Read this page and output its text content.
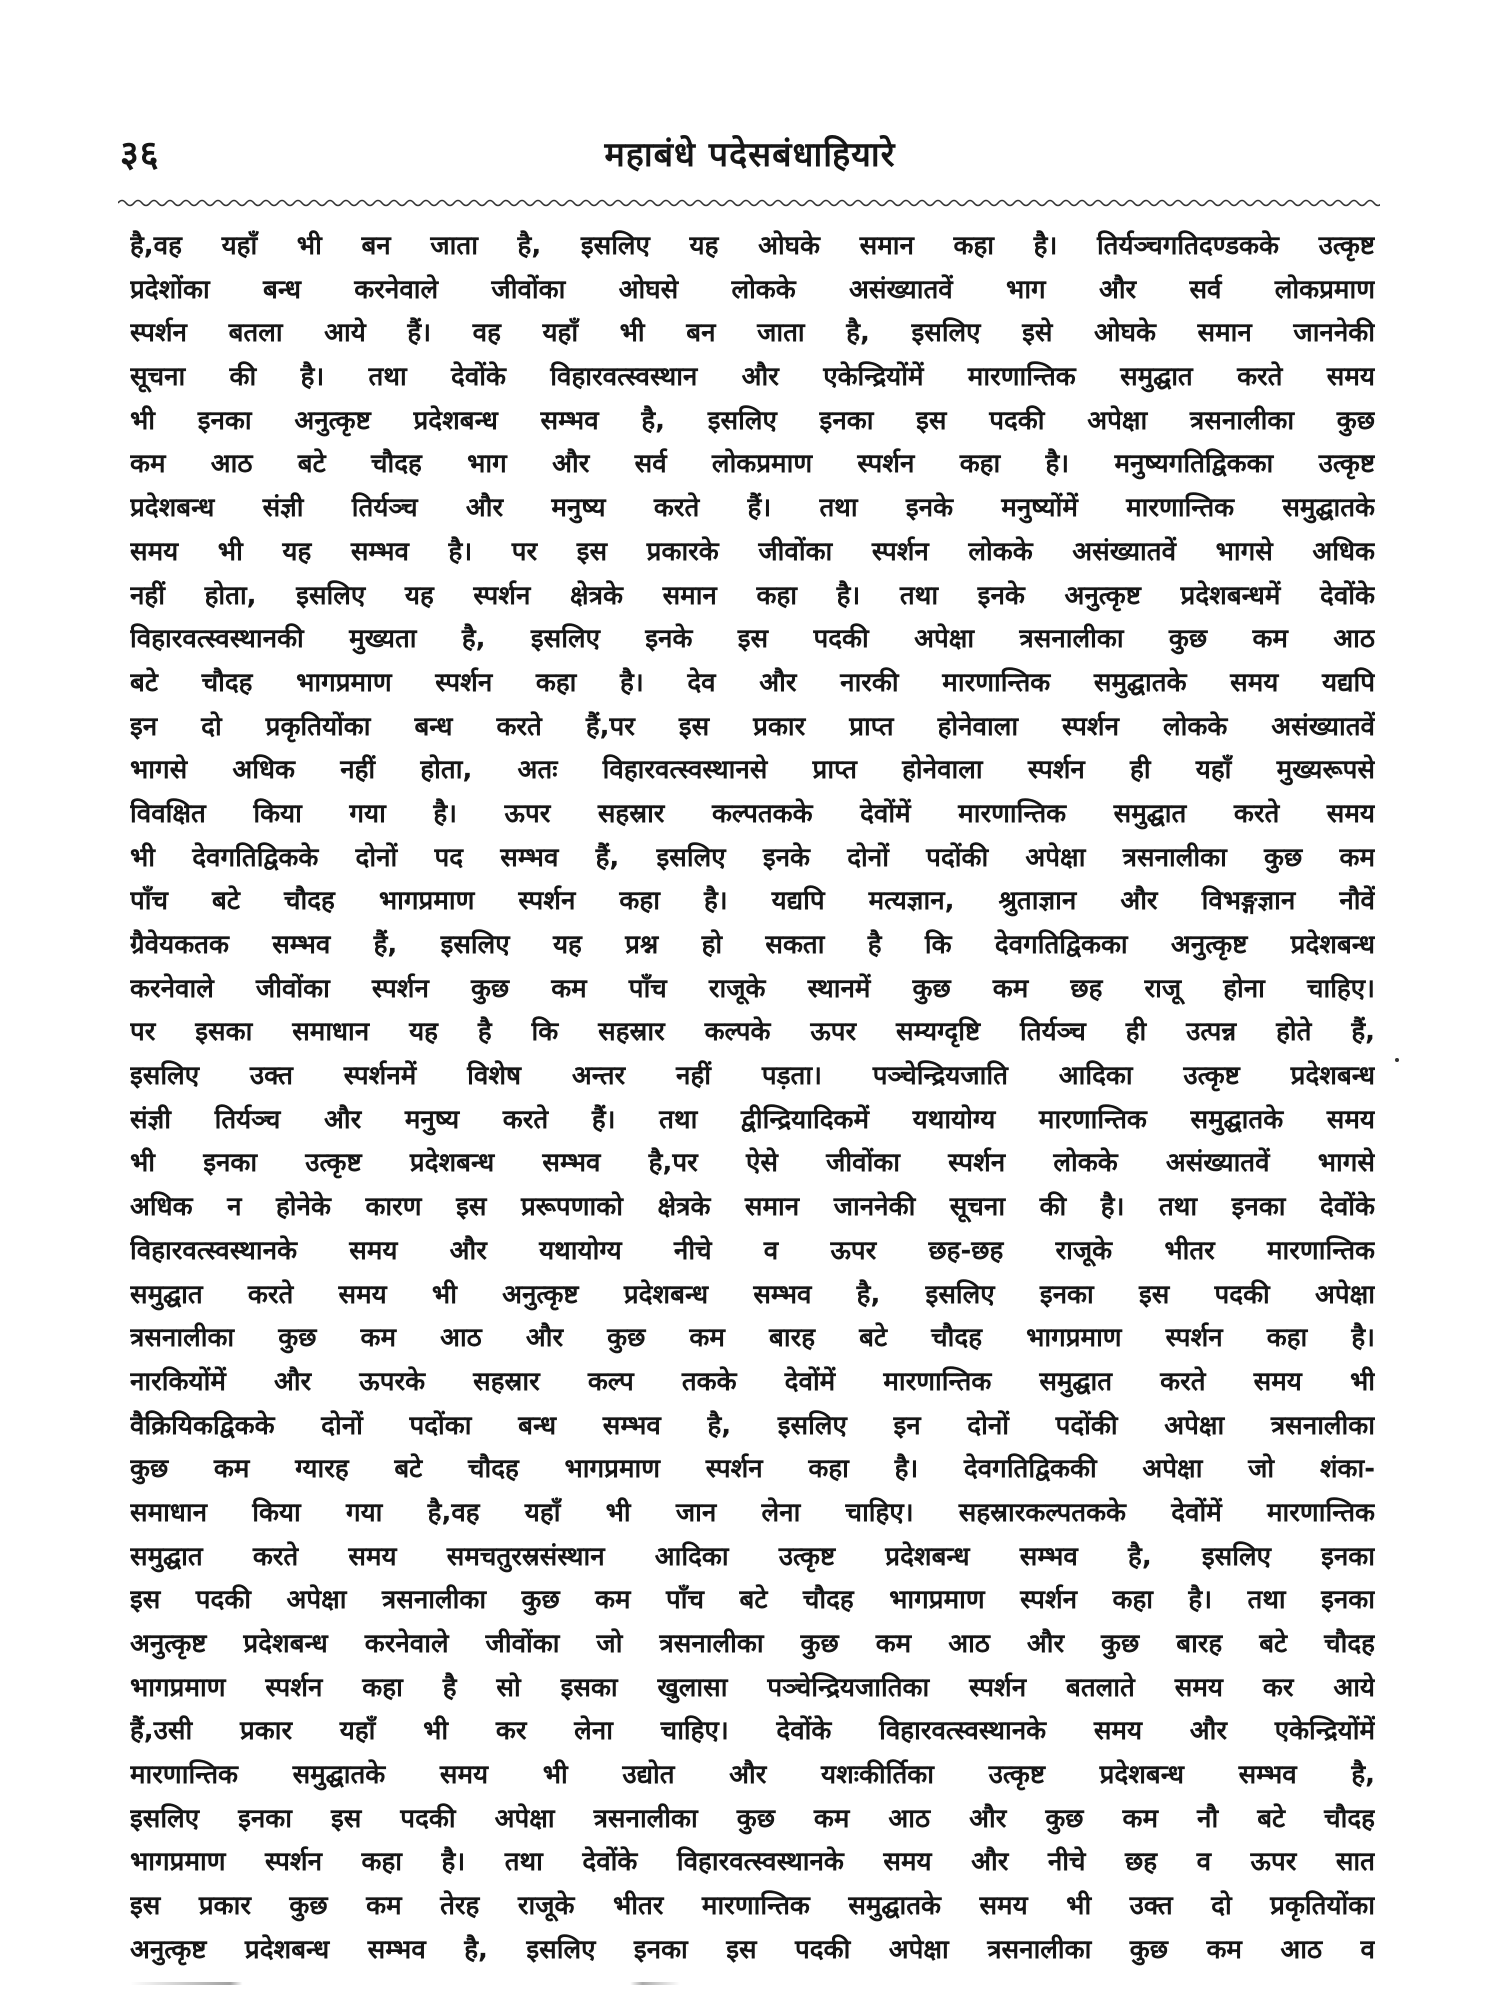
३६	महाबंधे पदेसबंधाहियारे
है,वह यहाँ भी बन जाता है, इसलिए यह ओघके समान कहा है। तिर्यञ्चगतिदण्डकके उत्कृष्ट
प्रदेशोंका बन्ध करनेवाले जीवोंका ओघसे लोकके असंख्यातवें भाग और सर्व लोकप्रमाण
स्पर्शन बतला आये हैं। वह यहाँ भी बन जाता है, इसलिए इसे ओघके समान जाननेकी
सूचना की है। तथा देवोंके विहारवत्स्वस्थान और एकेन्द्रियोंमें मारणान्तिक समुद्घात करते समय
भी इनका अनुत्कृष्ट प्रदेशबन्ध सम्भव है, इसलिए इनका इस पदकी अपेक्षा त्रसनालीका कुछ
कम आठ बटे चौदह भाग और सर्व लोकप्रमाण स्पर्शन कहा है। मनुष्यगतिद्विकका उत्कृष्ट
प्रदेशबन्ध संज्ञी तिर्यञ्च और मनुष्य करते हैं। तथा इनके मनुष्योंमें मारणान्तिक समुद्घातके
समय भी यह सम्भव है। पर इस प्रकारके जीवोंका स्पर्शन लोकके असंख्यातवें भागसे अधिक
नहीं होता, इसलिए यह स्पर्शन क्षेत्रके समान कहा है। तथा इनके अनुत्कृष्ट प्रदेशबन्धमें देवोंके
विहारवत्स्वस्थानकी मुख्यता है, इसलिए इनके इस पदकी अपेक्षा त्रसनालीका कुछ कम आठ
बटे चौदह भागप्रमाण स्पर्शन कहा है। देव और नारकी मारणान्तिक समुद्घातके समय यद्यपि
इन दो प्रकृतियोंका बन्ध करते हैं,पर इस प्रकार प्राप्त होनेवाला स्पर्शन लोकके असंख्यातवें
भागसे अधिक नहीं होता, अतः विहारवत्स्वस्थानसे प्राप्त होनेवाला स्पर्शन ही यहाँ मुख्यरूपसे
विवक्षित किया गया है। ऊपर सहस्रार कल्पतकके देवोंमें मारणान्तिक समुद्घात करते समय
भी देवगतिद्विकके दोनों पद सम्भव हैं, इसलिए इनके दोनों पदोंकी अपेक्षा त्रसनालीका कुछ कम
पाँच बटे चौदह भागप्रमाण स्पर्शन कहा है। यद्यपि मत्यज्ञान, श्रुताज्ञान और विभङ्गज्ञान नौवें
ग्रैवेयकतक सम्भव हैं, इसलिए यह प्रश्न हो सकता है कि देवगतिद्विकका अनुत्कृष्ट प्रदेशबन्ध
करनेवाले जीवोंका स्पर्शन कुछ कम पाँच राजूके स्थानमें कुछ कम छह राजू होना चाहिए।
पर इसका समाधान यह है कि सहस्रार कल्पके ऊपर सम्यग्दृष्टि तिर्यञ्च ही उत्पन्न होते हैं,
इसलिए उक्त स्पर्शनमें विशेष अन्तर नहीं पड़ता। पञ्चेन्द्रियजाति आदिका उत्कृष्ट प्रदेशबन्ध
संज्ञी तिर्यञ्च और मनुष्य करते हैं। तथा द्वीन्द्रियादिकमें यथायोग्य मारणान्तिक समुद्घातके समय
भी इनका उत्कृष्ट प्रदेशबन्ध सम्भव है,पर ऐसे जीवोंका स्पर्शन लोकके असंख्यातवें भागसे
अधिक न होनेके कारण इस प्ररूपणाको क्षेत्रके समान जाननेकी सूचना की है। तथा इनका देवोंके
विहारवत्स्वस्थानके समय और यथायोग्य नीचे व ऊपर छह-छह राजूके भीतर मारणान्तिक
समुद्घात करते समय भी अनुत्कृष्ट प्रदेशबन्ध सम्भव है, इसलिए इनका इस पदकी अपेक्षा
त्रसनालीका कुछ कम आठ और कुछ कम बारह बटे चौदह भागप्रमाण स्पर्शन कहा है।
नारकियोंमें और ऊपरके सहस्रार कल्प तकके देवोंमें मारणान्तिक समुद्घात करते समय भी
वैक्रियिकद्विकके दोनों पदोंका बन्ध सम्भव है, इसलिए इन दोनों पदोंकी अपेक्षा त्रसनालीका
कुछ कम ग्यारह बटे चौदह भागप्रमाण स्पर्शन कहा है। देवगतिद्विककी अपेक्षा जो शंका-
समाधान किया गया है,वह यहाँ भी जान लेना चाहिए। सहस्रारकल्पतकके देवोंमें मारणान्तिक
समुद्घात करते समय समचतुरस्रसंस्थान आदिका उत्कृष्ट प्रदेशबन्ध सम्भव है, इसलिए इनका
इस पदकी अपेक्षा त्रसनालीका कुछ कम पाँच बटे चौदह भागप्रमाण स्पर्शन कहा है। तथा इनका
अनुत्कृष्ट प्रदेशबन्ध करनेवाले जीवोंका जो त्रसनालीका कुछ कम आठ और कुछ बारह बटे चौदह
भागप्रमाण स्पर्शन कहा है सो इसका खुलासा पञ्चेन्द्रियजातिका स्पर्शन बतलाते समय कर आये
हैं,उसी प्रकार यहाँ भी कर लेना चाहिए। देवोंके विहारवत्स्वस्थानके समय और एकेन्द्रियोंमें
मारणान्तिक समुद्घातके समय भी उद्योत और यशःकीर्तिका उत्कृष्ट प्रदेशबन्ध सम्भव है,
इसलिए इनका इस पदकी अपेक्षा त्रसनालीका कुछ कम आठ और कुछ कम नौ बटे चौदह
भागप्रमाण स्पर्शन कहा है। तथा देवोंके विहारवत्स्वस्थानके समय और नीचे छह व ऊपर सात
इस प्रकार कुछ कम तेरह राजूके भीतर मारणान्तिक समुद्घातके समय भी उक्त दो प्रकृतियोंका
अनुत्कृष्ट प्रदेशबन्ध सम्भव है, इसलिए इनका इस पदकी अपेक्षा त्रसनालीका कुछ कम आठ व
